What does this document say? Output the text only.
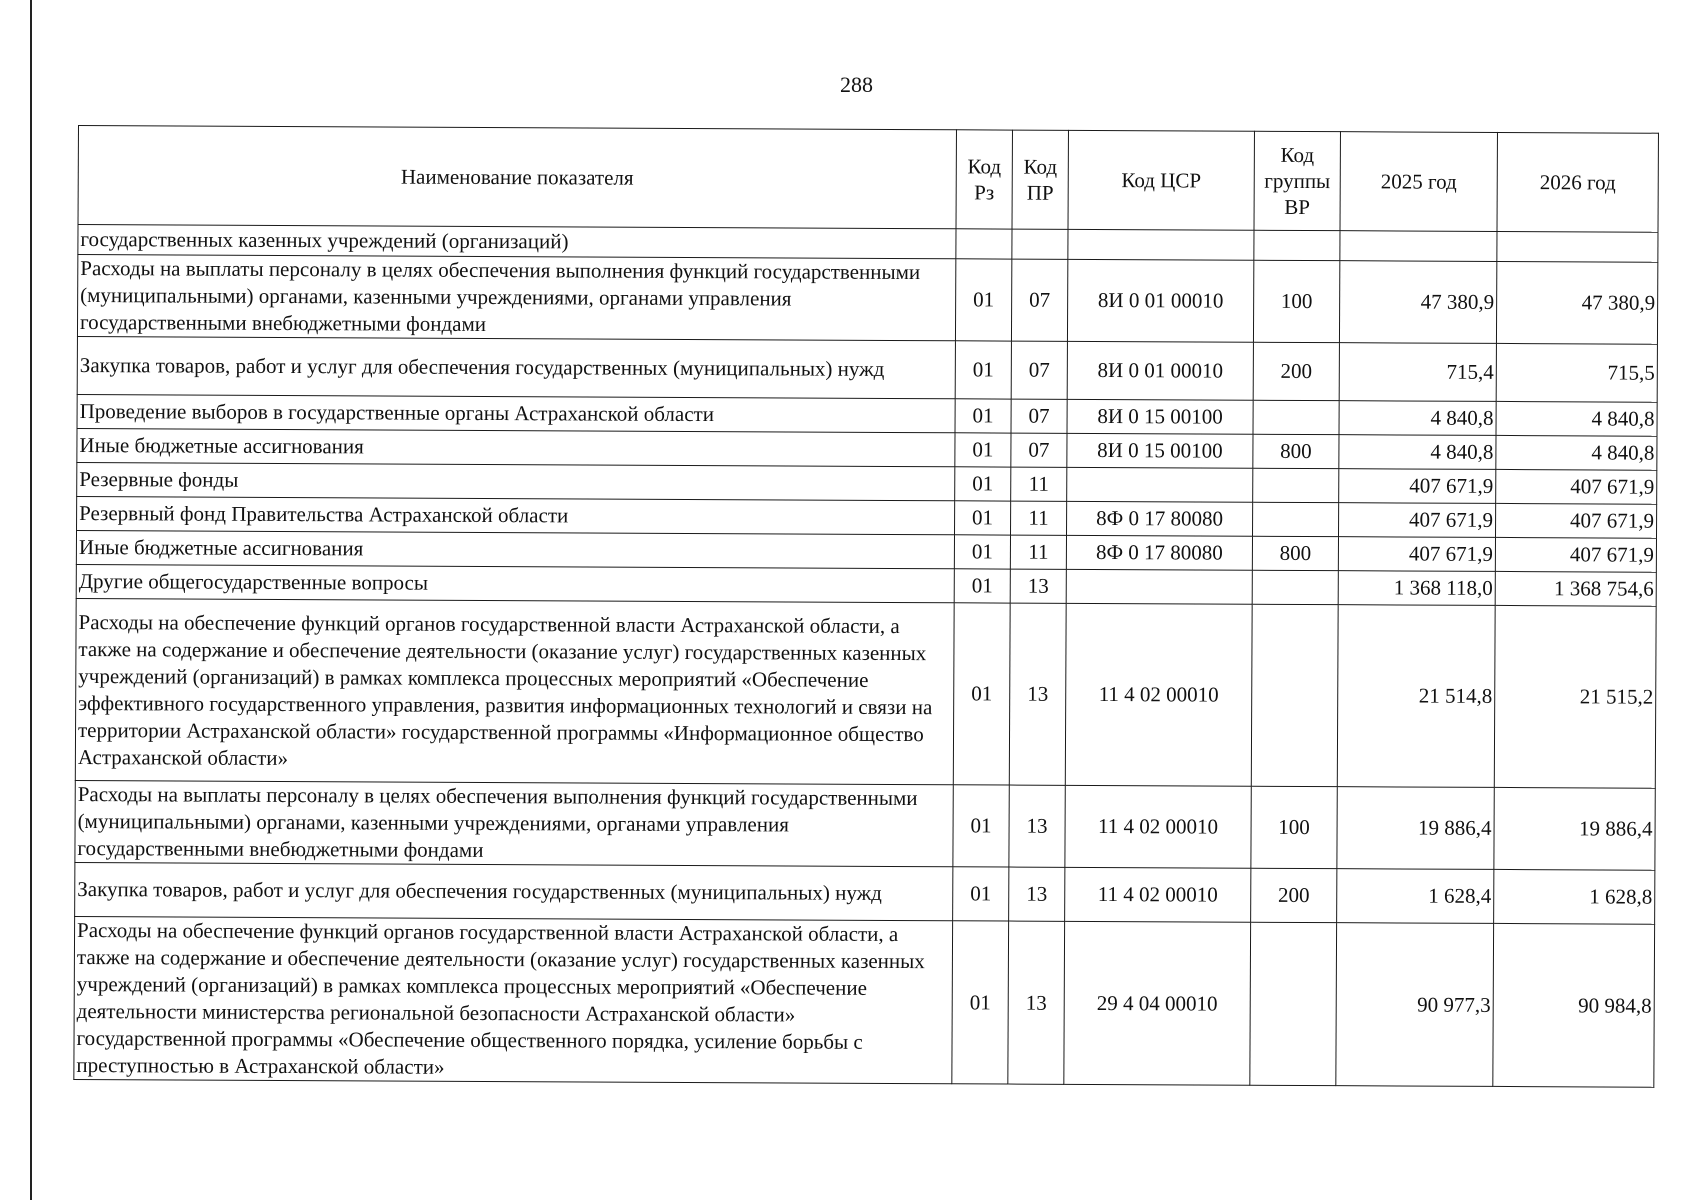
288
Наименование показателя	Код Рз	Код ПР	Код ЦСР	Код группы ВР	2025 год	2026 год
государственных казенных учреждений (организаций)						
Расходы на выплаты персоналу в целях обеспечения выполнения функций государственными (муниципальными) органами, казенными учреждениями, органами управления государственными внебюджетными фондами	01	07	8И 0 01 00010	100	47 380,9	47 380,9
Закупка товаров, работ и услуг для обеспечения государственных (муниципальных) нужд	01	07	8И 0 01 00010	200	715,4	715,5
Проведение выборов в государственные органы Астраханской области	01	07	8И 0 15 00100		4 840,8	4 840,8
Иные бюджетные ассигнования	01	07	8И 0 15 00100	800	4 840,8	4 840,8
Резервные фонды	01	11			407 671,9	407 671,9
Резервный фонд Правительства Астраханской области	01	11	8Ф 0 17 80080		407 671,9	407 671,9
Иные бюджетные ассигнования	01	11	8Ф 0 17 80080	800	407 671,9	407 671,9
Другие общегосударственные вопросы	01	13			1 368 118,0	1 368 754,6
Расходы на обеспечение функций органов государственной власти Астраханской области, а также на содержание и обеспечение деятельности (оказание услуг) государственных казенных учреждений (организаций) в рамках комплекса процессных мероприятий «Обеспечение эффективного государственного управления, развития информационных технологий и связи на территории Астраханской области» государственной программы «Информационное общество Астраханской области»	01	13	11 4 02 00010		21 514,8	21 515,2
Расходы на выплаты персоналу в целях обеспечения выполнения функций государственными (муниципальными) органами, казенными учреждениями, органами управления государственными внебюджетными фондами	01	13	11 4 02 00010	100	19 886,4	19 886,4
Закупка товаров, работ и услуг для обеспечения государственных (муниципальных) нужд	01	13	11 4 02 00010	200	1 628,4	1 628,8
Расходы на обеспечение функций органов государственной власти Астраханской области, а также на содержание и обеспечение деятельности (оказание услуг) государственных казенных учреждений (организаций) в рамках комплекса процессных мероприятий «Обеспечение деятельности министерства региональной безопасности Астраханской области» государственной программы «Обеспечение общественного порядка, усиление борьбы с преступностью в Астраханской области»	01	13	29 4 04 00010		90 977,3	90 984,8
